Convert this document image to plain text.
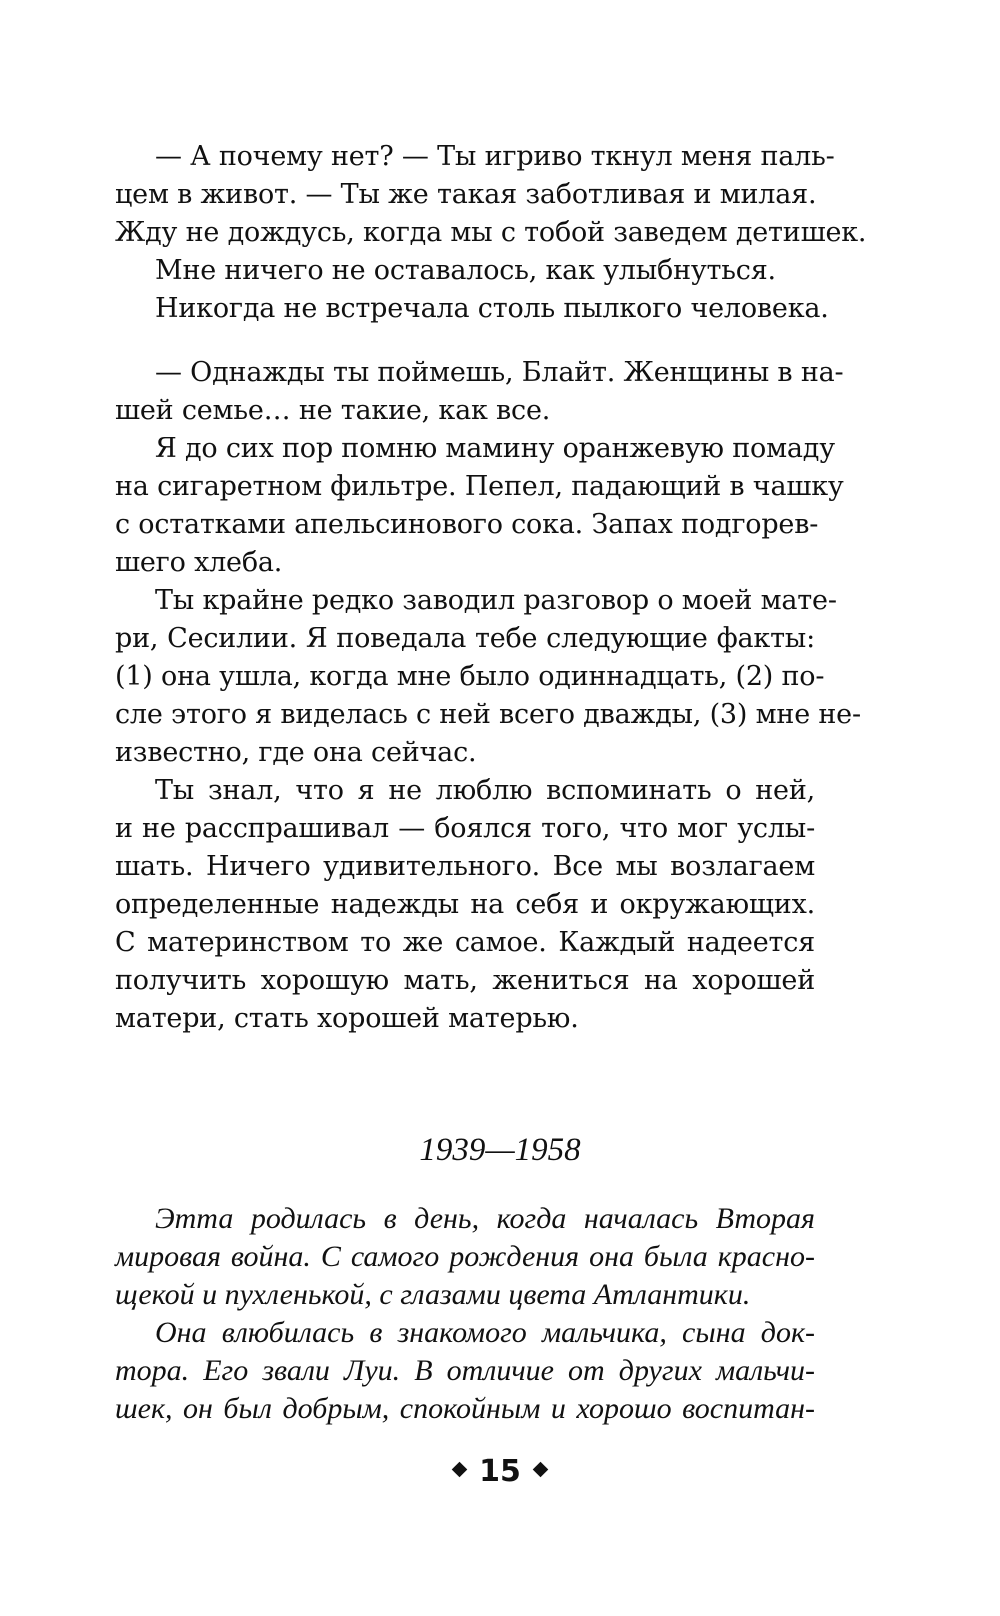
— А почему нет? — Ты игриво ткнул меня паль-
цем в живот. — Ты же такая заботливая и милая.
Жду не дождусь, когда мы с тобой заведем детишек.
Мне ничего не оставалось, как улыбнуться.
Никогда не встречала столь пылкого человека.
— Однажды ты поймешь, Блайт. Женщины в на-
шей семье… не такие, как все.
Я до сих пор помню мамину оранжевую помаду
на сигаретном фильтре. Пепел, падающий в чашку
с остатками апельсинового сока. Запах подгорев-
шего хлеба.
Ты крайне редко заводил разговор о моей мате-
ри, Сесилии. Я поведала тебе следующие факты:
(1) она ушла, когда мне было одиннадцать, (2) по-
сле этого я виделась с ней всего дважды, (3) мне не-
известно, где она сейчас.
Ты знал, что я не люблю вспоминать о ней,
и не расспрашивал — боялся того, что мог услы-
шать. Ничего удивительного. Все мы возлагаем
определенные надежды на себя и окружающих.
С материнством то же самое. Каждый надеется
получить хорошую мать, жениться на хорошей
матери, стать хорошей матерью.
1939—1958
Этта родилась в день, когда началась Вторая
мировая война. С самого рождения она была красно-
щекой и пухленькой, с глазами цвета Атлантики.
Она влюбилась в знакомого мальчика, сына док-
тора. Его звали Луи. В отличие от других мальчи-
шек, он был добрым, спокойным и хорошо воспитан-
15
